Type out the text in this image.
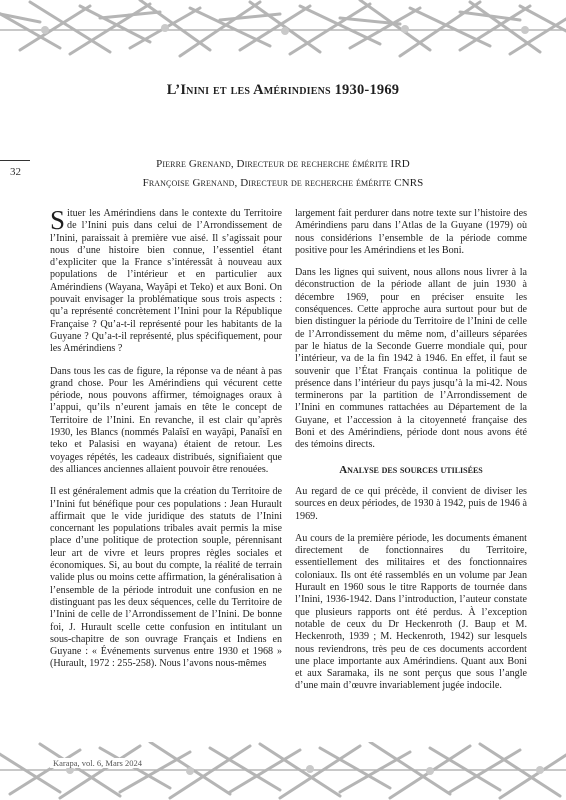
32
L’Inini et les Amérindiens 1930-1969
Pierre Grenand, Directeur de recherche émérite IRD
Françoise Grenand, Directeur de recherche émérite CNRS

Situer les Amérindiens dans le contexte du Territoire de l’Inini puis dans celui de l’Arrondissement de l’Inini, paraissait à première vue aisé. Il s’agissait pour nous d’une histoire bien connue, l’essentiel étant d’expliciter que la France s’intéressât à nouveau aux populations de l’intérieur et en particulier aux Amérindiens (Wayana, Wayãpi et Teko) et aux Boni. On pouvait envisager la problématique sous trois aspects : qu’a représenté concrètement l’Inini pour la République Française ? Qu’a-t-il représenté pour les habitants de la Guyane ? Qu’a-t-il représenté, plus spécifiquement, pour les Amérindiens ?

Dans tous les cas de figure, la réponse va de néant à pas grand chose. Pour les Amérindiens qui vécurent cette période, nous pouvons affirmer, témoignages oraux à l’appui, qu’ils n’eurent jamais en tête le concept de Territoire de l’Inini. En revanche, il est clair qu’après 1930, les Blancs (nommés Palaĩsĩ en wayãpi, Panaĩsĩ en teko et Palasisi en wayana) étaient de retour. Les voyages répétés, les cadeaux distribués, signifiaient que des alliances anciennes allaient pouvoir être renouées.

Il est généralement admis que la création du Territoire de l’Inini fut bénéfique pour ces populations : Jean Hurault affirmait que le vide juridique des statuts de l’Inini concernant les populations tribales avait permis la mise place d’une politique de protection souple, pérennisant leur art de vivre et leurs propres règles sociales et économiques. Si, au bout du compte, la réalité de terrain valide plus ou moins cette affirmation, la généralisation à l’ensemble de la période introduit une confusion en ne distinguant pas les deux séquences, celle du Territoire de l’Inini de celle de l’Arrondissement de l’Inini. De bonne foi, J. Hurault scelle cette confusion en intitulant un sous-chapitre de son ouvrage Français et Indiens en Guyane : « Événements survenus entre 1930 et 1968 » (Hurault, 1972 : 255-258). Nous l’avons nous-mêmes

largement fait perdurer dans notre texte sur l’histoire des Amérindiens paru dans l’Atlas de la Guyane (1979) où nous considérions l’ensemble de la période comme positive pour les Amérindiens et les Boni.

Dans les lignes qui suivent, nous allons nous livrer à la déconstruction de la période allant de juin 1930 à décembre 1969, pour en préciser ensuite les conséquences. Cette approche aura surtout pour but de bien distinguer la période du Territoire de l’Inini de celle de l’Arrondissement du même nom, d’ailleurs séparées par le hiatus de la Seconde Guerre mondiale qui, pour l’intérieur, va de la fin 1942 à 1946. En effet, il faut se souvenir que l’État Français continua la politique de présence dans l’intérieur du pays jusqu’à la mi-42. Nous terminerons par la partition de l’Arrondissement de l’Inini en communes rattachées au Département de la Guyane, et l’accession à la citoyenneté française des Boni et des Amérindiens, période dont nous avons été des témoins directs.

Analyse des sources utilisées

Au regard de ce qui précède, il convient de diviser les sources en deux périodes, de 1930 à 1942, puis de 1946 à 1969.

Au cours de la première période, les documents émanent directement de fonctionnaires du Territoire, essentiellement des militaires et des fonctionnaires coloniaux. Ils ont été rassemblés en un volume par Jean Hurault en 1960 sous le titre Rapports de tournée dans l’Inini, 1936-1942. Dans l’introduction, l’auteur constate que plusieurs rapports ont été perdus. À l’exception notable de ceux du Dr Heckenroth (J. Baup et M. Heckenroth, 1939 ; M. Heckenroth, 1942) sur lesquels nous reviendrons, très peu de ces documents accordent une place importante aux Amérindiens. Quant aux Boni et aux Saramaka, ils ne sont perçus que sous l’angle d’une main d’œuvre invariablement jugée indocile.

Karapa, vol. 6, Mars 2024
